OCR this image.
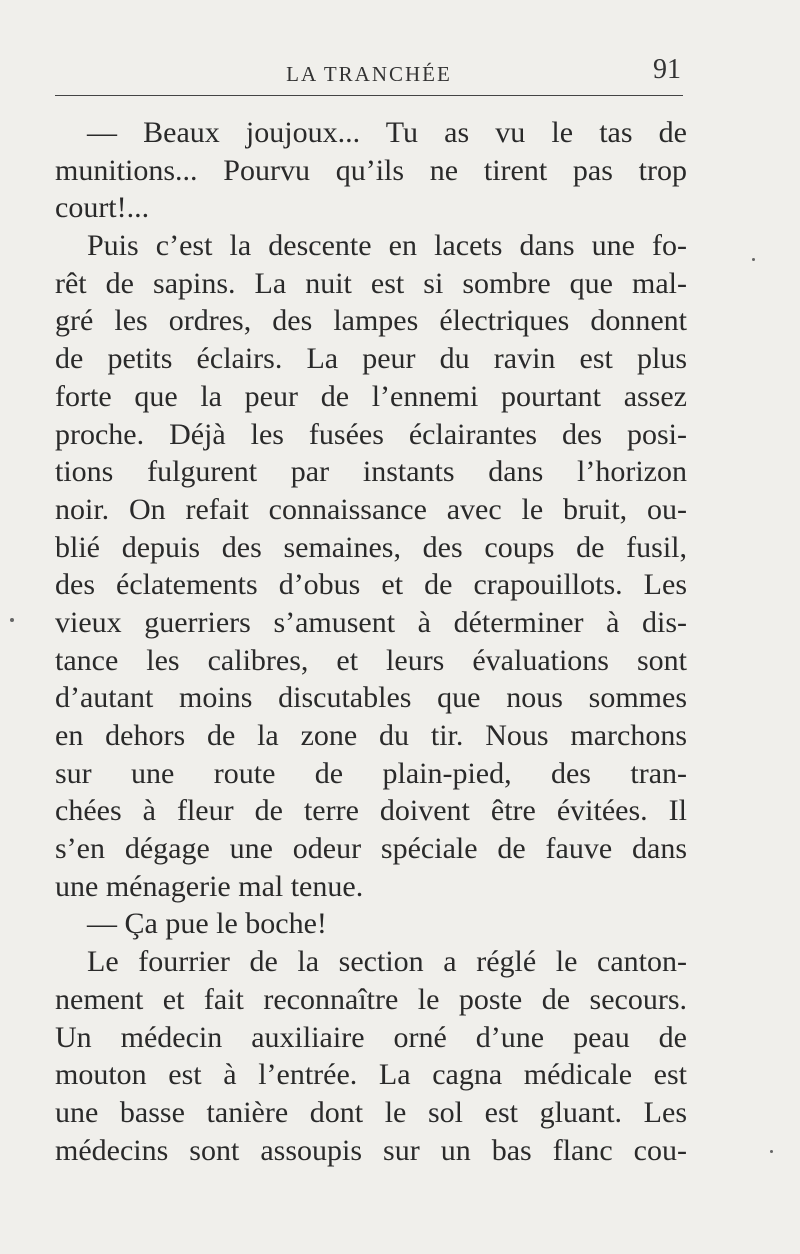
LA TRANCHÉE	91
— Beaux joujoux... Tu as vu le tas de
munitions... Pourvu qu’ils ne tirent pas trop
court!...
Puis c’est la descente en lacets dans une fo-
rêt de sapins. La nuit est si sombre que mal-
gré les ordres, des lampes électriques donnent
de petits éclairs. La peur du ravin est plus
forte que la peur de l’ennemi pourtant assez
proche. Déjà les fusées éclairantes des posi-
tions fulgurent par instants dans l’horizon
noir. On refait connaissance avec le bruit, ou-
blié depuis des semaines, des coups de fusil,
des éclatements d’obus et de crapouillots. Les
vieux guerriers s’amusent à déterminer à dis-
tance les calibres, et leurs évaluations sont
d’autant moins discutables que nous sommes
en dehors de la zone du tir. Nous marchons
sur une route de plain-pied, des tran-
chées à fleur de terre doivent être évitées. Il
s’en dégage une odeur spéciale de fauve dans
une ménagerie mal tenue.
— Ça pue le boche!
Le fourrier de la section a réglé le canton-
nement et fait reconnaître le poste de secours.
Un médecin auxiliaire orné d’une peau de
mouton est à l’entrée. La cagna médicale est
une basse tanière dont le sol est gluant. Les
médecins sont assoupis sur un bas flanc cou-
